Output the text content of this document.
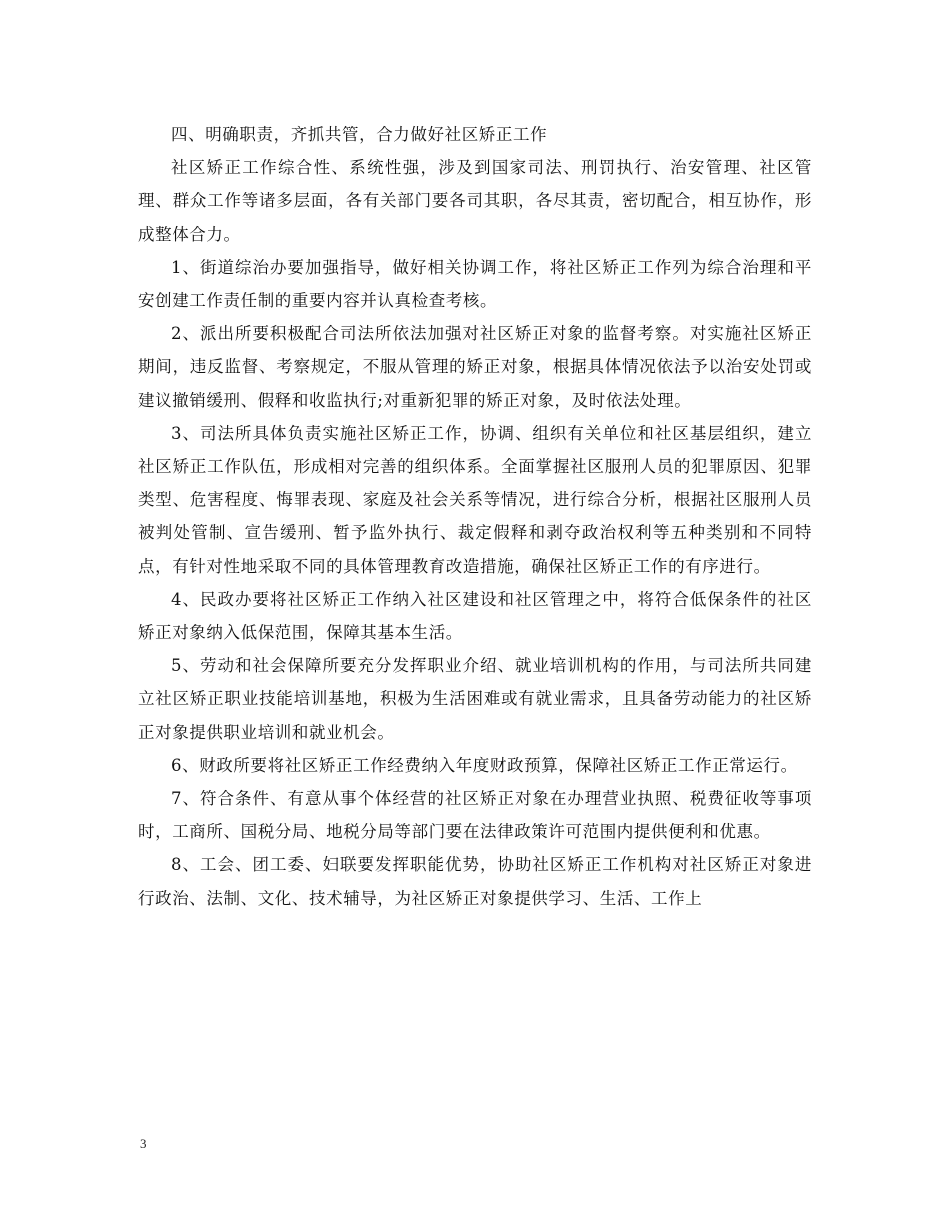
四、明确职责，齐抓共管，合力做好社区矫正工作

社区矫正工作综合性、系统性强，涉及到国家司法、刑罚执行、治安管理、社区管理、群众工作等诸多层面，各有关部门要各司其职，各尽其责，密切配合，相互协作，形成整体合力。

1、街道综治办要加强指导，做好相关协调工作，将社区矫正工作列为综合治理和平安创建工作责任制的重要内容并认真检查考核。

2、派出所要积极配合司法所依法加强对社区矫正对象的监督考察。对实施社区矫正期间，违反监督、考察规定，不服从管理的矫正对象，根据具体情况依法予以治安处罚或建议撤销缓刑、假释和收监执行;对重新犯罪的矫正对象，及时依法处理。

3、司法所具体负责实施社区矫正工作，协调、组织有关单位和社区基层组织，建立社区矫正工作队伍，形成相对完善的组织体系。全面掌握社区服刑人员的犯罪原因、犯罪类型、危害程度、悔罪表现、家庭及社会关系等情况，进行综合分析，根据社区服刑人员被判处管制、宣告缓刑、暂予监外执行、裁定假释和剥夺政治权利等五种类别和不同特点，有针对性地采取不同的具体管理教育改造措施，确保社区矫正工作的有序进行。

4、民政办要将社区矫正工作纳入社区建设和社区管理之中，将符合低保条件的社区矫正对象纳入低保范围，保障其基本生活。

5、劳动和社会保障所要充分发挥职业介绍、就业培训机构的作用，与司法所共同建立社区矫正职业技能培训基地，积极为生活困难或有就业需求，且具备劳动能力的社区矫正对象提供职业培训和就业机会。

6、财政所要将社区矫正工作经费纳入年度财政预算，保障社区矫正工作正常运行。

7、符合条件、有意从事个体经营的社区矫正对象在办理营业执照、税费征收等事项时，工商所、国税分局、地税分局等部门要在法律政策许可范围内提供便利和优惠。

8、工会、团工委、妇联要发挥职能优势，协助社区矫正工作机构对社区矫正对象进行政治、法制、文化、技术辅导，为社区矫正对象提供学习、生活、工作上

3
